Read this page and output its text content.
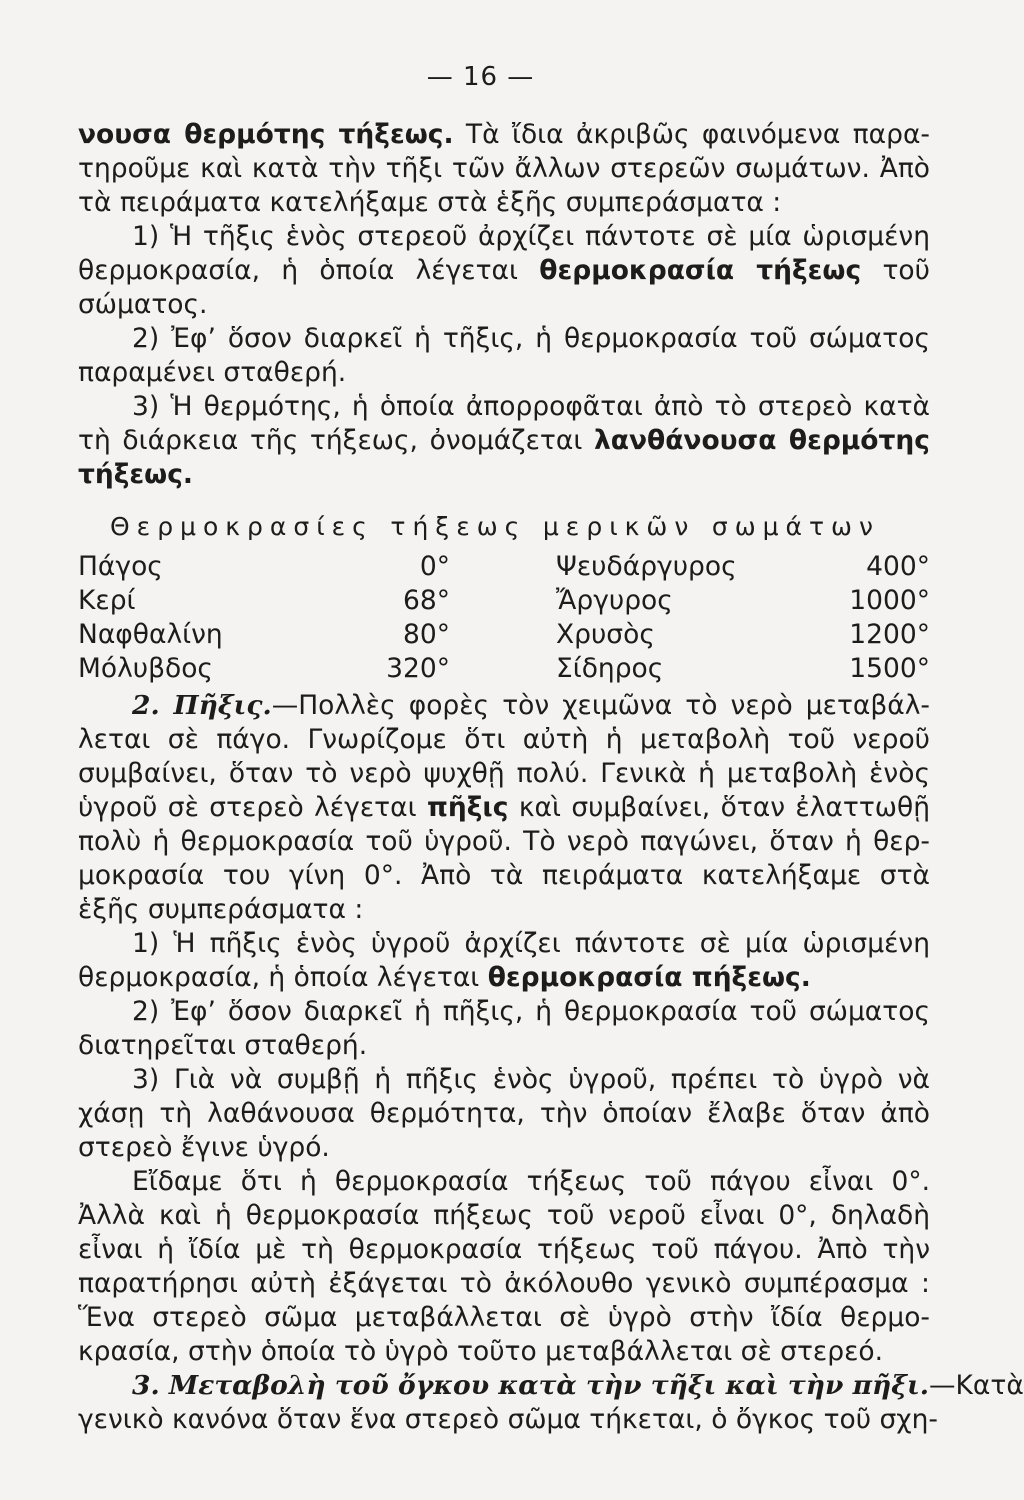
— 16 —
νουσα θερμότης τήξεως. Τὰ ἴδια ἀκριβῶς φαινόμενα παρα-
τηροῦμε καὶ κατὰ τὴν τῆξι τῶν ἄλλων στερεῶν σωμάτων. Ἀπὸ
τὰ πειράματα κατελήξαμε στὰ ἑξῆς συμπεράσματα :
1) Ἡ τῆξις ἑνὸς στερεοῦ ἀρχίζει πάντοτε σὲ μία ὡρισμένη
θερμοκρασία, ἡ ὁποία λέγεται θερμοκρασία τήξεως τοῦ
σώματος.
2) Ἐφ’ ὅσον διαρκεῖ ἡ τῆξις, ἡ θερμοκρασία τοῦ σώματος
παραμένει σταθερή.
3) Ἡ θερμότης, ἡ ὁποία ἀπορροφᾶται ἀπὸ τὸ στερεὸ κατὰ
τὴ διάρκεια τῆς τήξεως, ὀνομάζεται λανθάνουσα θερμότης
τήξεως.
Θερμοκρασίες τήξεως μερικῶν σωμάτων
Πάγος	0°	Ψευδάργυρος	400°
Κερί	68°	Ἄργυρος	1000°
Ναφθαλίνη	80°	Χρυσὸς	1200°
Μόλυβδος	320°	Σίδηρος	1500°
2. Πῆξις.—Πολλὲς φορὲς τὸν χειμῶνα τὸ νερὸ μεταβάλ-
λεται σὲ πάγο. Γνωρίζομε ὅτι αὐτὴ ἡ μεταβολὴ τοῦ νεροῦ
συμβαίνει, ὅταν τὸ νερὸ ψυχθῇ πολύ. Γενικὰ ἡ μεταβολὴ ἑνὸς
ὑγροῦ σὲ στερεὸ λέγεται πῆξις καὶ συμβαίνει, ὅταν ἐλαττωθῇ
πολὺ ἡ θερμοκρασία τοῦ ὑγροῦ. Τὸ νερὸ παγώνει, ὅταν ἡ θερ-
μοκρασία του γίνη 0°. Ἀπὸ τὰ πειράματα κατελήξαμε στὰ
ἑξῆς συμπεράσματα :
1) Ἡ πῆξις ἑνὸς ὑγροῦ ἀρχίζει πάντοτε σὲ μία ὡρισμένη
θερμοκρασία, ἡ ὁποία λέγεται θερμοκρασία πήξεως.
2) Ἐφ’ ὅσον διαρκεῖ ἡ πῆξις, ἡ θερμοκρασία τοῦ σώματος
διατηρεῖται σταθερή.
3) Γιὰ νὰ συμβῇ ἡ πῆξις ἑνὸς ὑγροῦ, πρέπει τὸ ὑγρὸ νὰ
χάσῃ τὴ λαθάνουσα θερμότητα, τὴν ὁποίαν ἔλαβε ὅταν ἀπὸ
στερεὸ ἔγινε ὑγρό.
Εἴδαμε ὅτι ἡ θερμοκρασία τήξεως τοῦ πάγου εἶναι 0°.
Ἀλλὰ καὶ ἡ θερμοκρασία πήξεως τοῦ νεροῦ εἶναι 0°, δηλαδὴ
εἶναι ἡ ἴδία μὲ τὴ θερμοκρασία τήξεως τοῦ πάγου. Ἀπὸ τὴν
παρατήρησι αὐτὴ ἐξάγεται τὸ ἀκόλουθο γενικὸ συμπέρασμα :
Ἕνα στερεὸ σῶμα μεταβάλλεται σὲ ὑγρὸ στὴν ἴδία θερμο-
κρασία, στὴν ὁποία τὸ ὑγρὸ τοῦτο μεταβάλλεται σὲ στερεό.
3. Μεταβολὴ τοῦ ὄγκου κατὰ τὴν τῆξι καὶ τὴν πῆξι.—Κατὰ
γενικὸ κανόνα ὅταν ἕνα στερεὸ σῶμα τήκεται, ὁ ὄγκος τοῦ σχη-
